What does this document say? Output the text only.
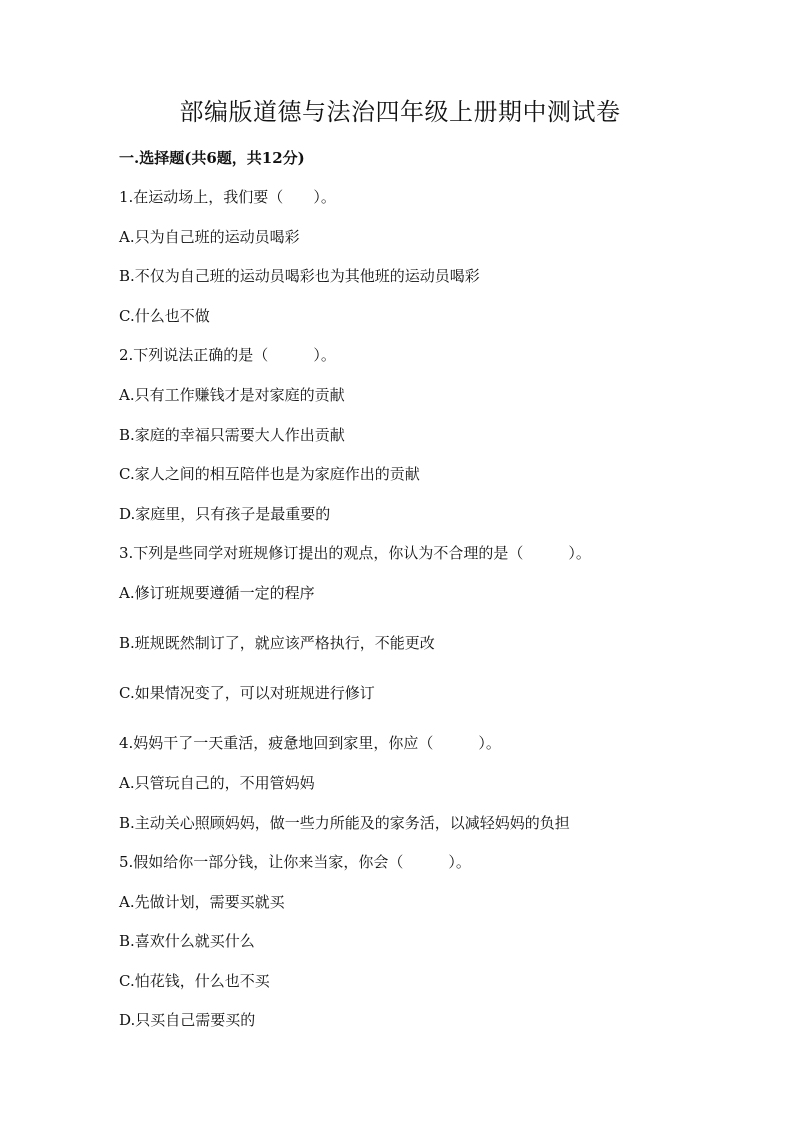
部编版道德与法治四年级上册期中测试卷
一.选择题(共6题，共12分)
1.在运动场上，我们要（　　）。
A.只为自己班的运动员喝彩
B.不仅为自己班的运动员喝彩也为其他班的运动员喝彩
C.什么也不做
2.下列说法正确的是（　　　）。
A.只有工作赚钱才是对家庭的贡献
B.家庭的幸福只需要大人作出贡献
C.家人之间的相互陪伴也是为家庭作出的贡献
D.家庭里，只有孩子是最重要的
3.下列是些同学对班规修订提出的观点，你认为不合理的是（　　　）。
A.修订班规要遵循一定的程序
B.班规既然制订了，就应该严格执行，不能更改
C.如果情况变了，可以对班规进行修订
4.妈妈干了一天重活，疲惫地回到家里，你应（　　　）。
A.只管玩自己的，不用管妈妈
B.主动关心照顾妈妈，做一些力所能及的家务活，以减轻妈妈的负担
5.假如给你一部分钱，让你来当家，你会（　　　）。
A.先做计划，需要买就买
B.喜欢什么就买什么
C.怕花钱，什么也不买
D.只买自己需要买的
